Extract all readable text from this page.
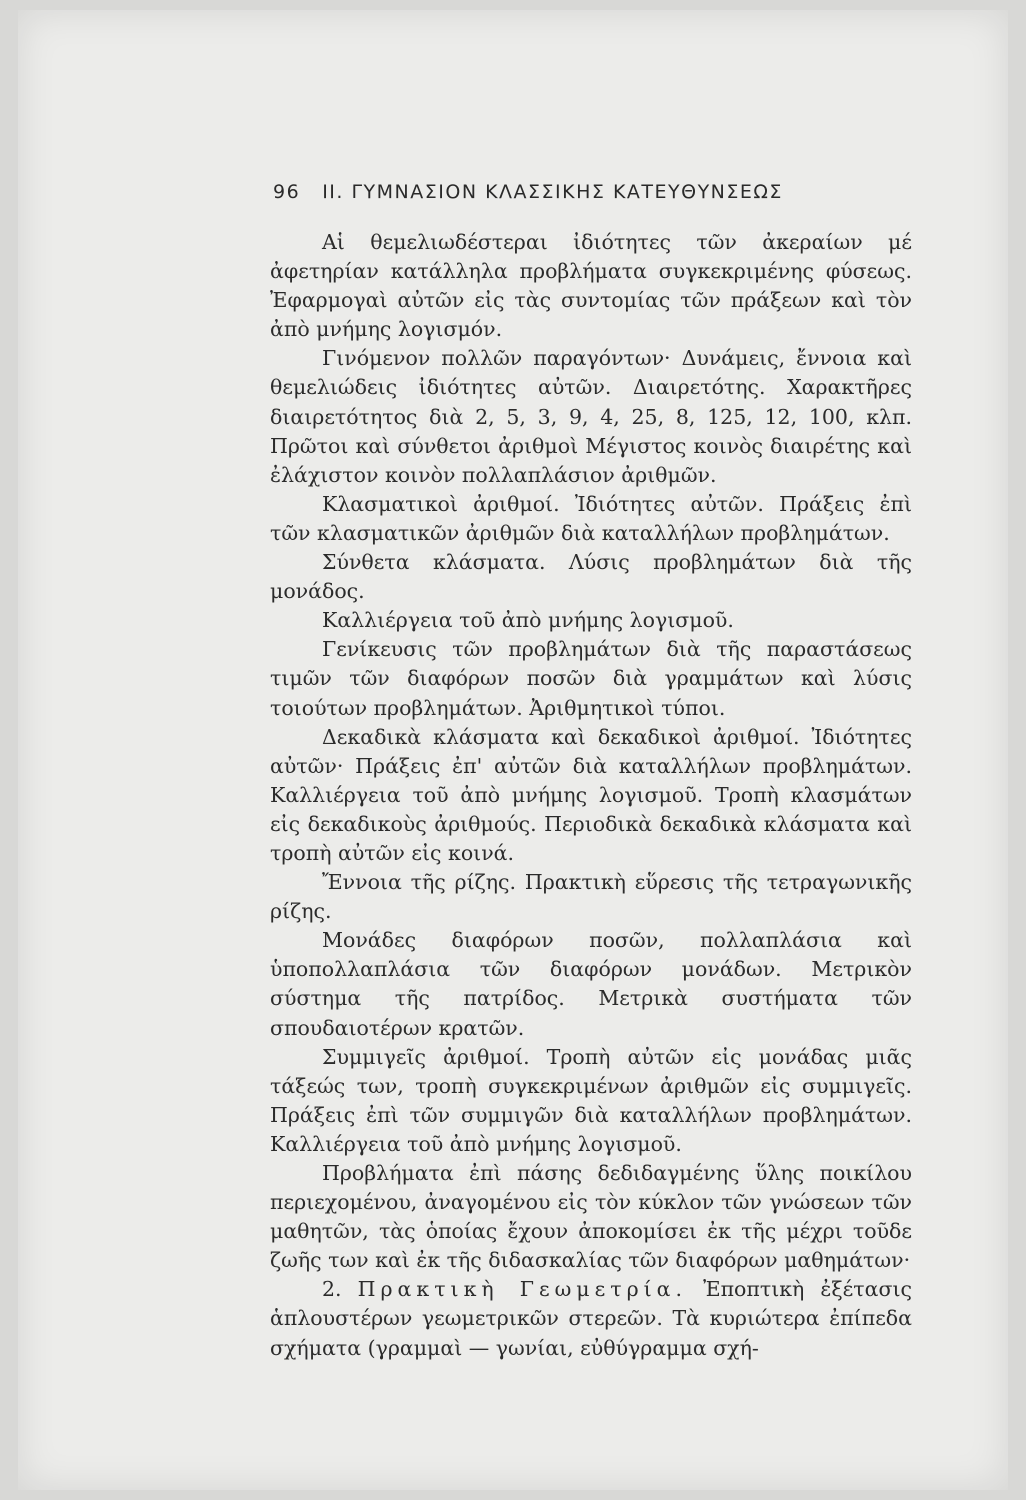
96 ΙΙ. ΓΥΜΝΑΣΙΟΝ ΚΛΑΣΣΙΚΗΣ ΚΑΤΕΥΘΥΝΣΕΩΣ

Αἱ θεμελιωδέστεραι ἰδιότητες τῶν ἀκεραίων μέ ἀφετηρίαν κατάλληλα προβλήματα συγκεκριμένης φύσεως. Ἐφαρμογαὶ αὐτῶν εἰς τὰς συντομίας τῶν πράξεων καὶ τὸν ἀπὸ μνήμης λογισμόν.

Γινόμενον πολλῶν παραγόντων· Δυνάμεις, ἔννοια καὶ θεμελιώδεις ἰδιότητες αὐτῶν. Διαιρετότης. Χαρακτῆρες διαιρετότητος διὰ 2, 5, 3, 9, 4, 25, 8, 125, 12, 100, κλπ. Πρῶτοι καὶ σύνθετοι ἀριθμοὶ Μέγιστος κοινὸς διαιρέτης καὶ ἐλάχιστον κοινὸν πολλαπλάσιον ἀριθμῶν.

Κλασματικοὶ ἀριθμοί. Ἰδιότητες αὐτῶν. Πράξεις ἐπὶ τῶν κλασματικῶν ἀριθμῶν διὰ καταλλήλων προβλημάτων.

Σύνθετα κλάσματα. Λύσις προβλημάτων διὰ τῆς μονάδος.

Καλλιέργεια τοῦ ἀπὸ μνήμης λογισμοῦ.

Γενίκευσις τῶν προβλημάτων διὰ τῆς παραστάσεως τιμῶν τῶν διαφόρων ποσῶν διὰ γραμμάτων καὶ λύσις τοιούτων προβλημάτων. Ἀριθμητικοὶ τύποι.

Δεκαδικὰ κλάσματα καὶ δεκαδικοὶ ἀριθμοί. Ἰδιότητες αὐτῶν· Πράξεις ἐπ' αὐτῶν διὰ καταλλήλων προβλημάτων. Καλλιέργεια τοῦ ἀπὸ μνήμης λογισμοῦ. Τροπὴ κλασμάτων εἰς δεκαδικοὺς ἀριθμούς. Περιοδικὰ δεκαδικὰ κλάσματα καὶ τροπὴ αὐτῶν εἰς κοινά.

Ἔννοια τῆς ρίζης. Πρακτικὴ εὕρεσις τῆς τετραγωνικῆς ρίζης.

Μονάδες διαφόρων ποσῶν, πολλαπλάσια καὶ ὑποπολλαπλάσια τῶν διαφόρων μονάδων. Μετρικὸν σύστημα τῆς πατρίδος. Μετρικὰ συστήματα τῶν σπουδαιοτέρων κρατῶν.

Συμμιγεῖς ἀριθμοί. Τροπὴ αὐτῶν εἰς μονάδας μιᾶς τάξεώς των, τροπὴ συγκεκριμένων ἀριθμῶν εἰς συμμιγεῖς. Πράξεις ἐπὶ τῶν συμμιγῶν διὰ καταλλήλων προβλημάτων. Καλλιέργεια τοῦ ἀπὸ μνήμης λογισμοῦ.

Προβλήματα ἐπὶ πάσης δεδιδαγμένης ὕλης ποικίλου περιεχομένου, ἀναγομένου εἰς τὸν κύκλον τῶν γνώσεων τῶν μαθητῶν, τὰς ὁποίας ἔχουν ἀποκομίσει ἐκ τῆς μέχρι τοῦδε ζωῆς των καὶ ἐκ τῆς διδασκαλίας τῶν διαφόρων μαθημάτων·

2. Πρακτικὴ Γεωμετρία. Ἐποπτικὴ ἐξέτασις ἁπλουστέρων γεωμετρικῶν στερεῶν. Τὰ κυριώτερα ἐπίπεδα σχήματα (γραμμαὶ — γωνίαι, εὐθύγραμμα σχή-
